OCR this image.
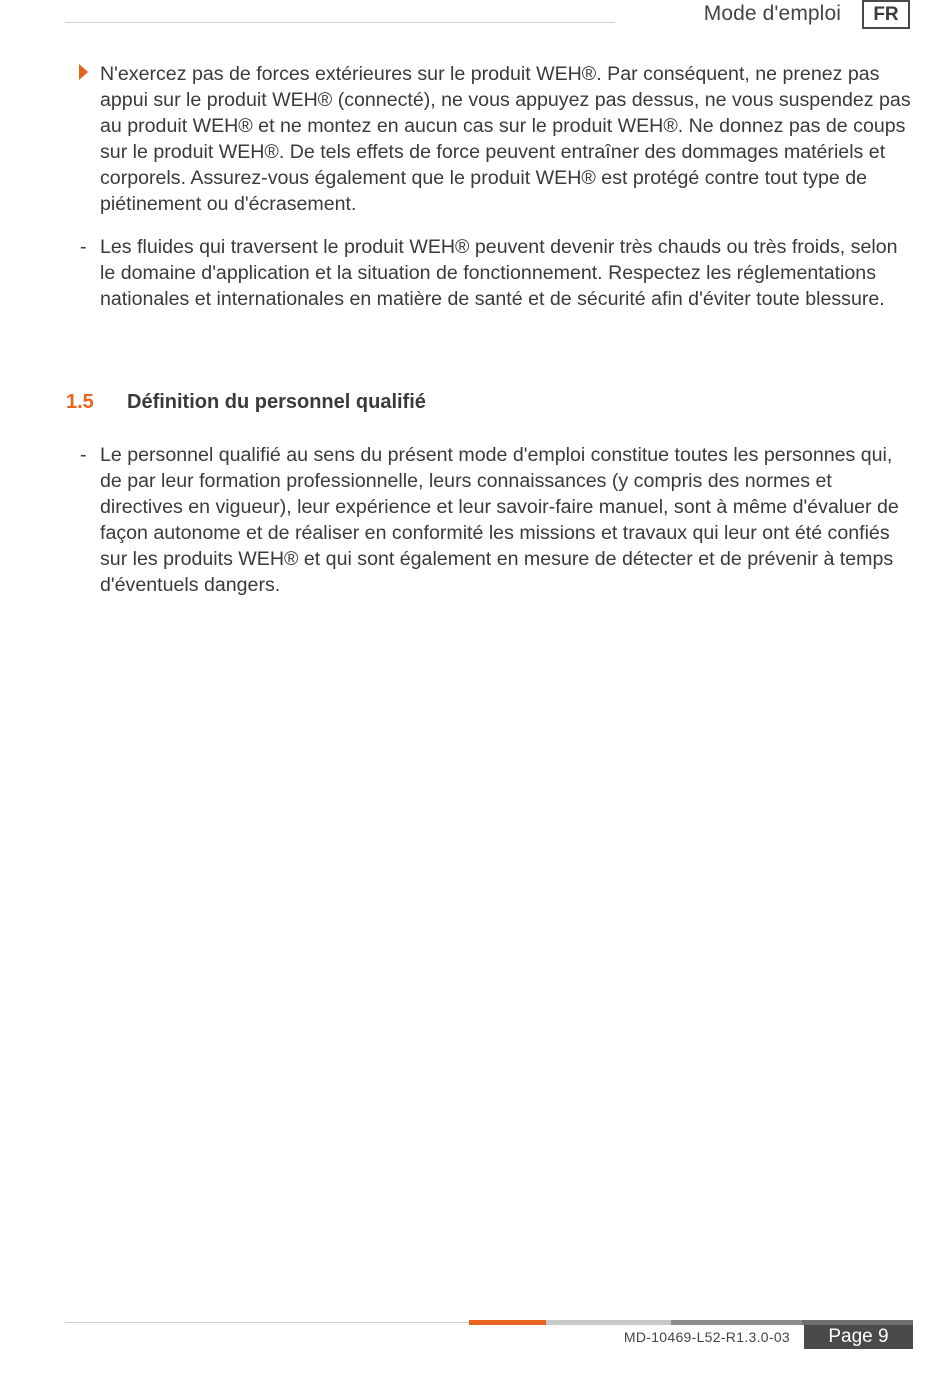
Mode d'emploi	FR
N'exercez pas de forces extérieures sur le produit WEH®. Par conséquent, ne prenez pas appui sur le produit WEH® (connecté), ne vous appuyez pas dessus, ne vous suspendez pas au produit WEH® et ne montez en aucun cas sur le produit WEH®. Ne donnez pas de coups sur le produit WEH®. De tels effets de force peuvent entraîner des dommages matériels et corporels. Assurez-vous également que le produit WEH® est protégé contre tout type de piétinement ou d'écrasement.
- Les fluides qui traversent le produit WEH® peuvent devenir très chauds ou très froids, selon le domaine d'application et la situation de fonctionnement. Respectez les réglementations nationales et internationales en matière de santé et de sécurité afin d'éviter toute blessure.
1.5 Définition du personnel qualifié
- Le personnel qualifié au sens du présent mode d'emploi constitue toutes les personnes qui, de par leur formation professionnelle, leurs connaissances (y compris des normes et directives en vigueur), leur expérience et leur savoir-faire manuel, sont à même d'évaluer de façon autonome et de réaliser en conformité les missions et travaux qui leur ont été confiés sur les produits WEH® et qui sont également en mesure de détecter et de prévenir à temps d'éventuels dangers.
MD-10469-L52-R1.3.0-03	Page 9
